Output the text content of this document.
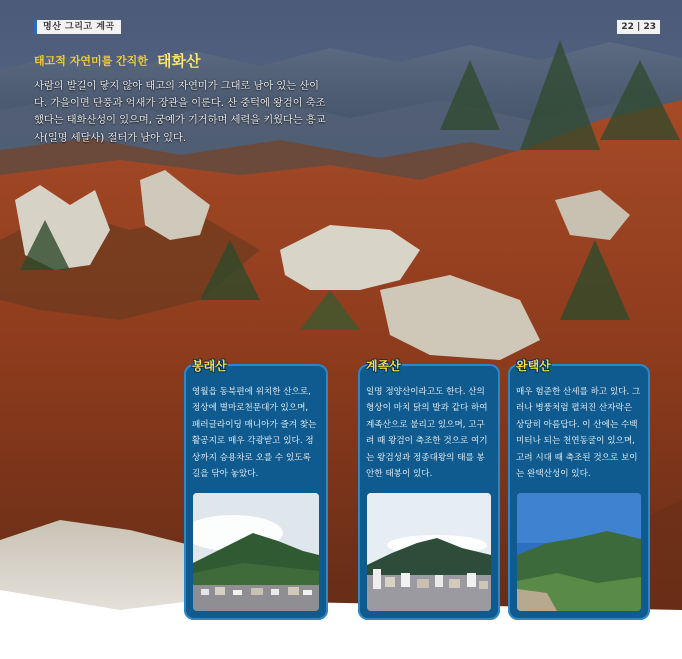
명산 그리고 계곡	22 | 23
태고적 자연미를 간직한 태화산
사람의 발길이 닿지 않아 태고의 자연미가 그대로 남아 있는 산이
다. 가을이면 단풍과 억새가 장관을 이룬다. 산 중턱에 왕검이 축조
했다는 태화산성이 있으며, 궁예가 기거하며 세력을 키웠다는 흥교
사(일명 세달사) 절터가 남아 있다.
봉래산
영월읍 동북편에 위치한 산으로,
정상에 별마로천문대가 있으며,
패러글라이딩 매니아가 즐겨 찾는
활공지로 매우 각광받고 있다. 정
상까지 승용차로 오를 수 있도록
길을 닦아 놓았다.
계족산
일명 정양산이라고도 한다. 산의
형상이 마치 닭의 발과 같다 하여
계족산으로 불리고 있으며, 고구
려 때 왕검이 축조한 것으로 여기
는 왕검성과 정종대왕의 태를 봉
안한 태봉이 있다.
완택산
매우 험준한 산세를 하고 있다. 그
러나 병풍처럼 펼쳐진 산자락은
상당히 아름답다. 이 산에는 수백
미터나 되는 천연동굴이 있으며,
고려 시대 때 축조된 것으로 보이
는 완택산성이 있다.
